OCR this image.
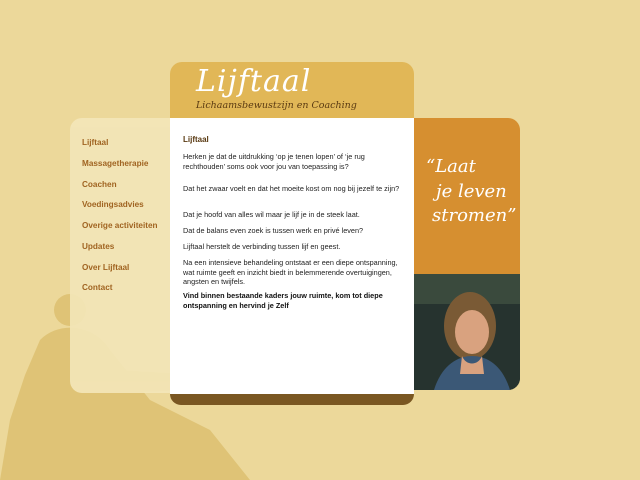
Lijftaal
Lichaamsbewustzijn en Coaching
Lijftaal
Massagetherapie
Coachen
Voedingsadvies
Overige activiteiten
Updates
Over Lijftaal
Contact
Lijftaal

Herken je dat de uitdrukking ‘op je tenen lopen’ of ‘je rug rechthouden’ soms ook voor jou van toepassing is?

Dat het zwaar voelt en dat het moeite kost om nog bij jezelf te zijn?

Dat je hoofd van alles wil maar je lijf je in de steek laat.

Dat de balans even zoek is tussen werk en privé leven?

Lijftaal herstelt de verbinding tussen lijf en geest.

Na een intensieve behandeling ontstaat er een diepe ontspanning, wat ruimte geeft en inzicht biedt in belemmerende overtuigingen, angsten en twijfels.

Vind binnen bestaande kaders jouw ruimte, kom tot diepe ontspanning en hervind je Zelf

“Laat
je leven
stromen”
